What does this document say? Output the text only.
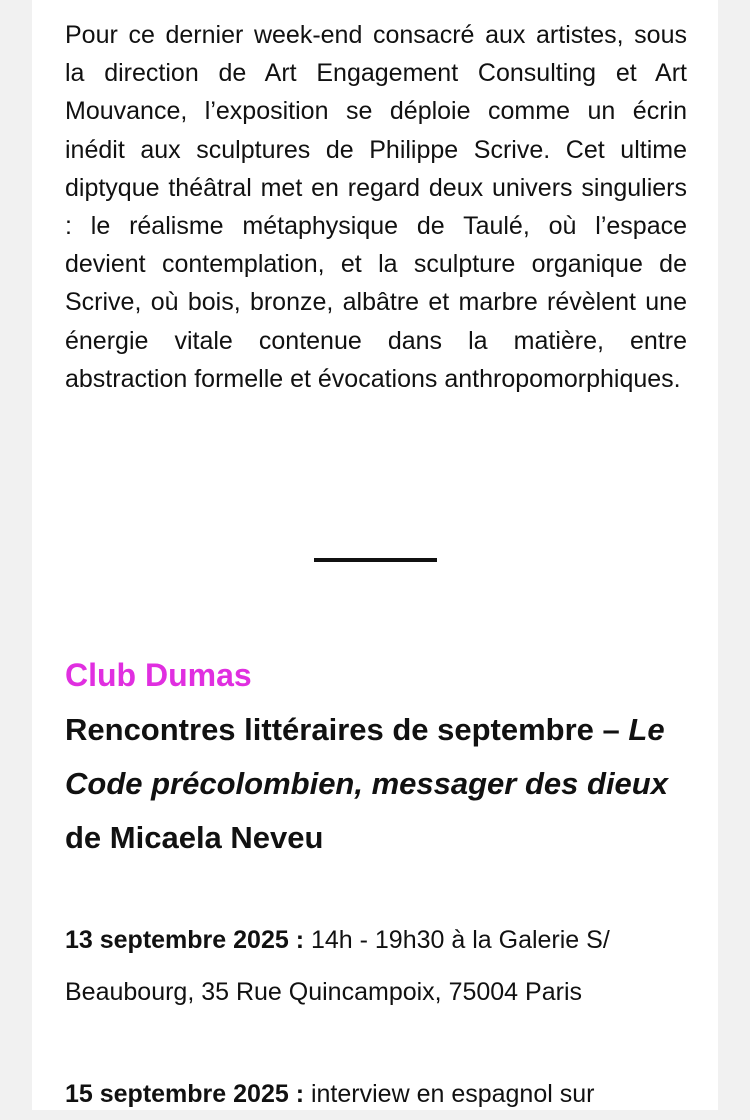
Pour ce dernier week-end consacré aux artistes, sous la direction de Art Engagement Consulting et Art Mouvance, l’exposition se déploie comme un écrin inédit aux sculptures de Philippe Scrive. Cet ultime diptyque théâtral met en regard deux univers singuliers : le réalisme métaphysique de Taulé, où l’espace devient contemplation, et la sculpture organique de Scrive, où bois, bronze, albâtre et marbre révèlent une énergie vitale contenue dans la matière, entre abstraction formelle et évocations anthropomorphiques.

Club Dumas
Rencontres littéraires de septembre – Le Code précolombien, messager des dieux de Micaela Neveu

13 septembre 2025 : 14h - 19h30 à la Galerie S/ Beaubourg, 35 Rue Quincampoix, 75004 Paris

15 septembre 2025 : interview en espagnol sur
